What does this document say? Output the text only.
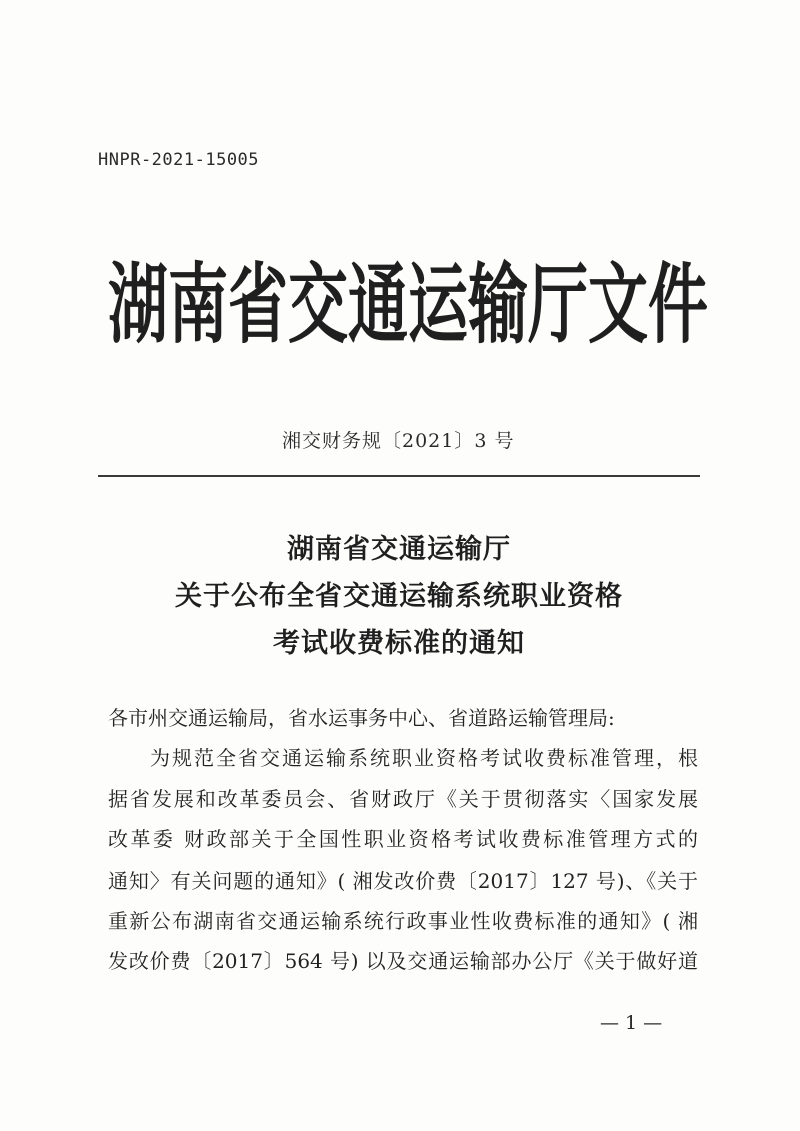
HNPR-2021-15005
湖南省交通运输厅文件
湘交财务规〔2021〕3 号
湖南省交通运输厅
关于公布全省交通运输系统职业资格
考试收费标准的通知
各市州交通运输局，省水运事务中心、省道路运输管理局:
为规范全省交通运输系统职业资格考试收费标准管理，根
据省发展和改革委员会、省财政厅《关于贯彻落实〈国家发展
改革委 财政部关于全国性职业资格考试收费标准管理方式的
通知〉有关问题的通知》( 湘发改价费〔2017〕127 号)、《关于
重新公布湖南省交通运输系统行政事业性收费标准的通知》( 湘
发改价费〔2017〕564 号) 以及交通运输部办公厅《关于做好道
— 1 —
